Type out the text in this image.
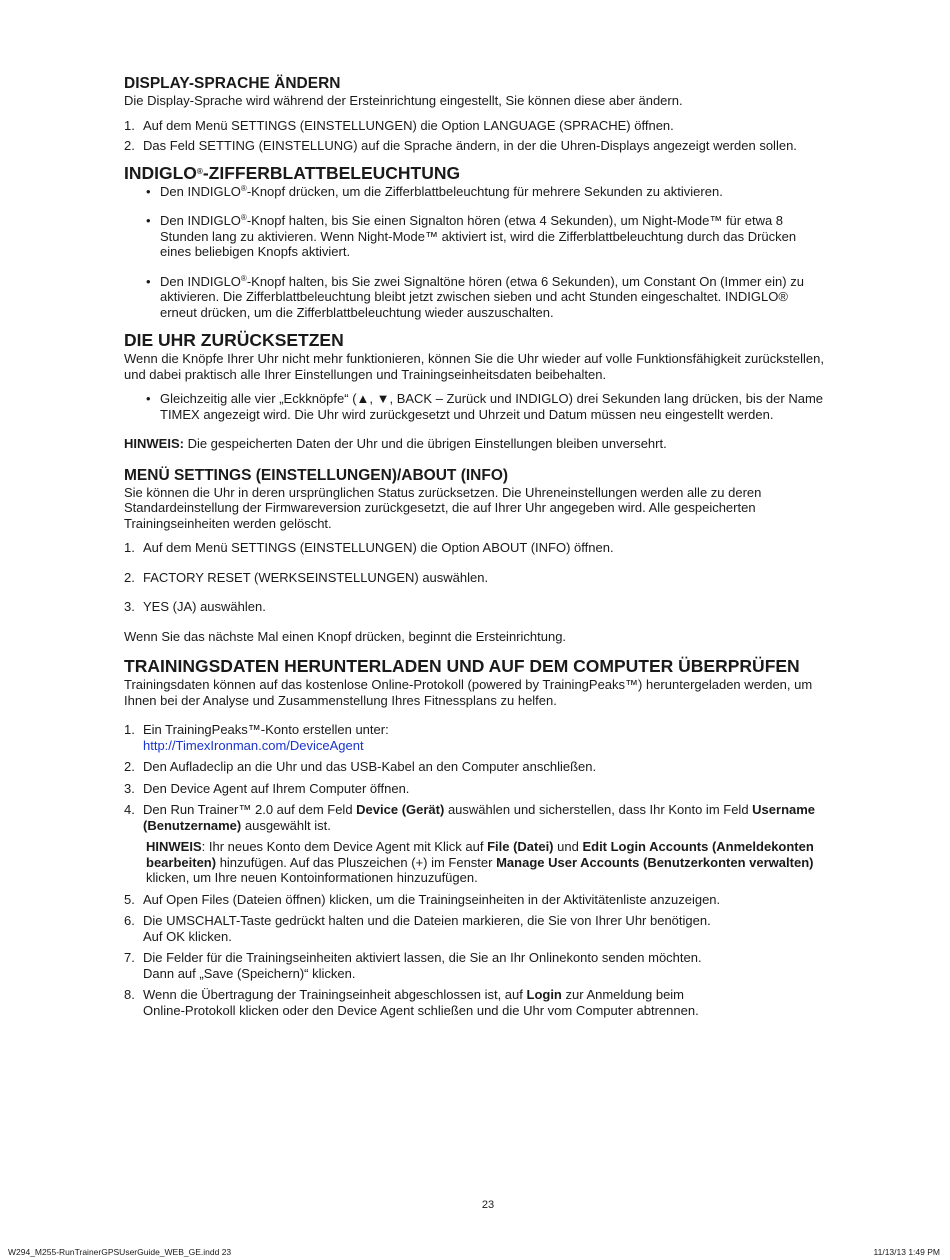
DISPLAY-SPRACHE ÄNDERN

Die Display-Sprache wird während der Ersteinrichtung eingestellt, Sie können diese aber ändern.

1. Auf dem Menü SETTINGS (EINSTELLUNGEN) die Option LANGUAGE (SPRACHE) öffnen.
2. Das Feld SETTING (EINSTELLUNG) auf die Sprache ändern, in der die Uhren-Displays angezeigt werden sollen.
INDIGLO®-ZIFFERBLATTBELEUCHTUNG
• Den INDIGLO®-Knopf drücken, um die Zifferblattbeleuchtung für mehrere Sekunden zu aktivieren.
• Den INDIGLO®-Knopf halten, bis Sie einen Signalton hören (etwa 4 Sekunden), um Night-Mode™ für etwa 8 Stunden lang zu aktivieren. Wenn Night-Mode™ aktiviert ist, wird die Zifferblattbeleuchtung durch das Drücken eines beliebigen Knopfs aktiviert.
• Den INDIGLO®-Knopf halten, bis Sie zwei Signaltöne hören (etwa 6 Sekunden), um Constant On (Immer ein) zu aktivieren. Die Zifferblattbeleuchtung bleibt jetzt zwischen sieben und acht Stunden eingeschaltet. INDIGLO® erneut drücken, um die Zifferblattbeleuchtung wieder auszuschalten.
DIE UHR ZURÜCKSETZEN

Wenn die Knöpfe Ihrer Uhr nicht mehr funktionieren, können Sie die Uhr wieder auf volle Funktionsfähigkeit zurückstellen, und dabei praktisch alle Ihrer Einstellungen und Trainingseinheitsdaten beibehalten.

• Gleichzeitig alle vier „Eckknöpfe“ (▲, ▼, BACK – Zurück und INDIGLO) drei Sekunden lang drücken, bis der Name TIMEX angezeigt wird. Die Uhr wird zurückgesetzt und Uhrzeit und Datum müssen neu eingestellt werden.

HINWEIS: Die gespeicherten Daten der Uhr und die übrigen Einstellungen bleiben unversehrt.

MENÜ SETTINGS (EINSTELLUNGEN)/ABOUT (INFO)

Sie können die Uhr in deren ursprünglichen Status zurücksetzen. Die Uhreneinstellungen werden alle zu deren Standardeinstellung der Firmwareversion zurückgesetzt, die auf Ihrer Uhr angegeben wird. Alle gespeicherten Trainingseinheiten werden gelöscht.

1. Auf dem Menü SETTINGS (EINSTELLUNGEN) die Option ABOUT (INFO) öffnen.
2. FACTORY RESET (WERKSEINSTELLUNGEN) auswählen.
3. YES (JA) auswählen.

Wenn Sie das nächste Mal einen Knopf drücken, beginnt die Ersteinrichtung.

TRAININGSDATEN HERUNTERLADEN UND AUF DEM COMPUTER ÜBERPRÜFEN

Trainingsdaten können auf das kostenlose Online-Protokoll (powered by TrainingPeaks™) heruntergeladen werden, um Ihnen bei der Analyse und Zusammenstellung Ihres Fitnessplans zu helfen.

1. Ein TrainingPeaks™-Konto erstellen unter:
http://TimexIronman.com/DeviceAgent
2. Den Aufladeclip an die Uhr und das USB-Kabel an den Computer anschließen.
3. Den Device Agent auf Ihrem Computer öffnen.
4. Den Run Trainer™ 2.0 auf dem Feld Device (Gerät) auswählen und sicherstellen, dass Ihr Konto im Feld Username (Benutzername) ausgewählt ist.
HINWEIS: Ihr neues Konto dem Device Agent mit Klick auf File (Datei) und Edit Login Accounts (Anmeldekonten bearbeiten) hinzufügen. Auf das Pluszeichen (+) im Fenster Manage User Accounts (Benutzerkonten verwalten) klicken, um Ihre neuen Kontoinformationen hinzuzufügen.
5. Auf Open Files (Dateien öffnen) klicken, um die Trainingseinheiten in der Aktivitätenliste anzuzeigen.
6. Die UMSCHALT-Taste gedrückt halten und die Dateien markieren, die Sie von Ihrer Uhr benötigen.
Auf OK klicken.
7. Die Felder für die Trainingseinheiten aktiviert lassen, die Sie an Ihr Onlinekonto senden möchten.
Dann auf „Save (Speichern)“ klicken.
8. Wenn die Übertragung der Trainingseinheit abgeschlossen ist, auf Login zur Anmeldung beim
Online-Protokoll klicken oder den Device Agent schließen und die Uhr vom Computer abtrennen.
23
W294_M255-RunTrainerGPSUserGuide_WEB_GE.indd 23	11/13/13 1:49 PM
